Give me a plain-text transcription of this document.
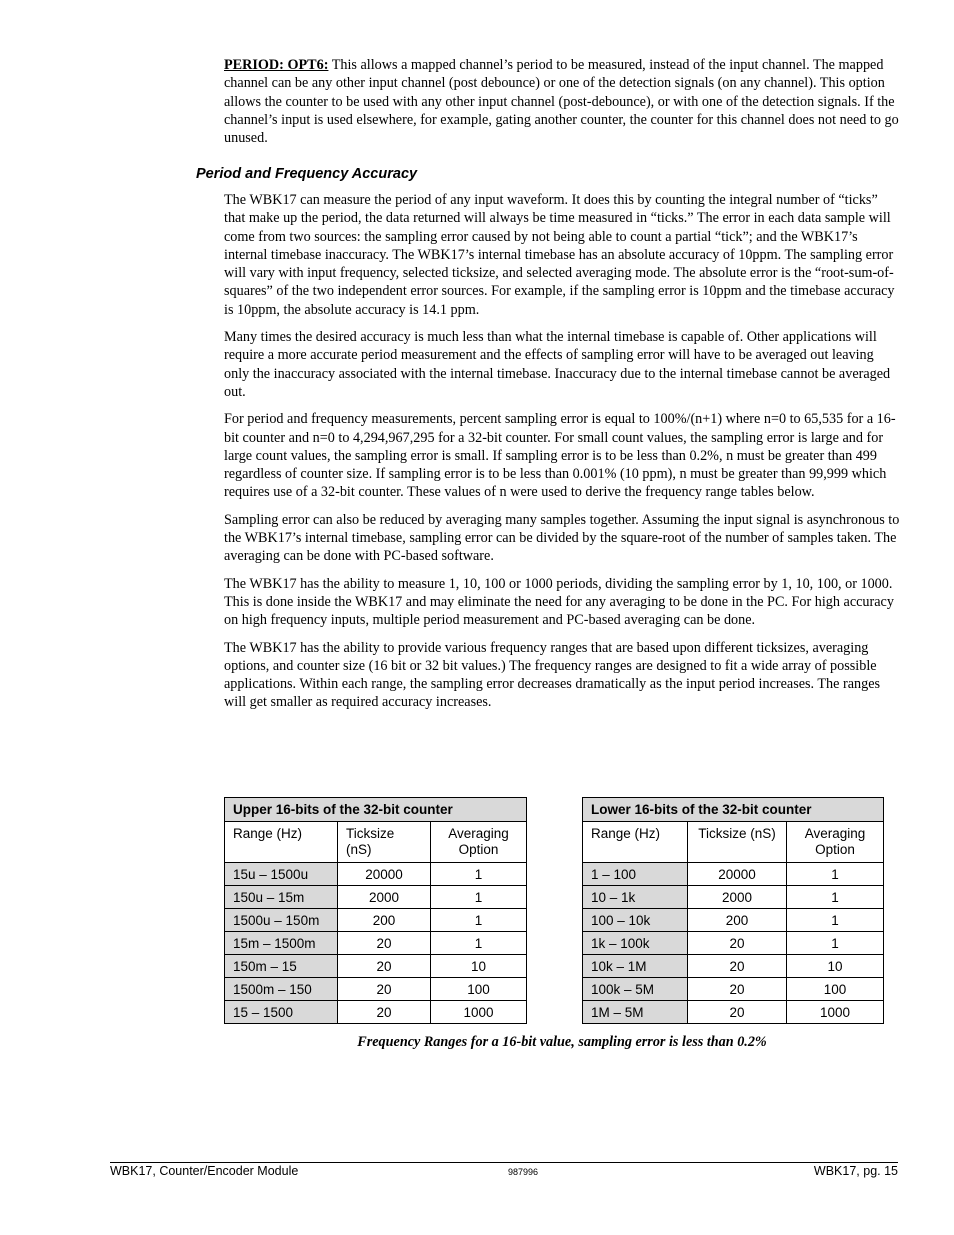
PERIOD: OPT6: This allows a mapped channel’s period to be measured, instead of the input channel. The mapped channel can be any other input channel (post debounce) or one of the detection signals (on any channel). This option allows the counter to be used with any other input channel (post-debounce), or with one of the detection signals. If the channel’s input is used elsewhere, for example, gating another counter, the counter for this channel does not need to go unused.
Period and Frequency Accuracy

The WBK17 can measure the period of any input waveform. It does this by counting the integral number of “ticks” that make up the period, the data returned will always be time measured in “ticks.” The error in each data sample will come from two sources: the sampling error caused by not being able to count a partial “tick”; and the WBK17’s internal timebase inaccuracy. The WBK17’s internal timebase has an absolute accuracy of 10ppm. The sampling error will vary with input frequency, selected ticksize, and selected averaging mode. The absolute error is the “root-sum-of-squares” of the two independent error sources. For example, if the sampling error is 10ppm and the timebase accuracy is 10ppm, the absolute accuracy is 14.1 ppm.

Many times the desired accuracy is much less than what the internal timebase is capable of. Other applications will require a more accurate period measurement and the effects of sampling error will have to be averaged out leaving only the inaccuracy associated with the internal timebase. Inaccuracy due to the internal timebase cannot be averaged out.

For period and frequency measurements, percent sampling error is equal to 100%/(n+1) where n=0 to 65,535 for a 16-bit counter and n=0 to 4,294,967,295 for a 32-bit counter. For small count values, the sampling error is large and for large count values, the sampling error is small. If sampling error is to be less than 0.2%, n must be greater than 499 regardless of counter size. If sampling error is to be less than 0.001% (10 ppm), n must be greater than 99,999 which requires use of a 32-bit counter. These values of n were used to derive the frequency range tables below.

Sampling error can also be reduced by averaging many samples together. Assuming the input signal is asynchronous to the WBK17’s internal timebase, sampling error can be divided by the square-root of the number of samples taken. The averaging can be done with PC-based software.

The WBK17 has the ability to measure 1, 10, 100 or 1000 periods, dividing the sampling error by 1, 10, 100, or 1000. This is done inside the WBK17 and may eliminate the need for any averaging to be done in the PC. For high accuracy on high frequency inputs, multiple period measurement and PC-based averaging can be done.

The WBK17 has the ability to provide various frequency ranges that are based upon different ticksizes, averaging options, and counter size (16 bit or 32 bit values.) The frequency ranges are designed to fit a wide array of possible applications. Within each range, the sampling error decreases dramatically as the input period increases. The ranges will get smaller as required accuracy increases.

Upper 16-bits of the 32-bit counter		
Range (Hz)	Ticksize (nS)	Averaging Option
15u – 1500u	20000	1
150u – 15m	2000	1
1500u – 150m	200	1
15m – 1500m	20	1
150m – 15	20	10
1500m – 150	20	100
15 – 1500	20	1000
Lower 16-bits of the 32-bit counter		
Range (Hz)	Ticksize (nS)	Averaging Option
1 – 100	20000	1
10 – 1k	2000	1
100 – 10k	200	1
1k – 100k	20	1
10k – 1M	20	10
100k – 5M	20	100
1M – 5M	20	1000
Frequency Ranges for a 16-bit value, sampling error is less than 0.2%
WBK17, Counter/Encoder Module	987996	WBK17, pg. 15
